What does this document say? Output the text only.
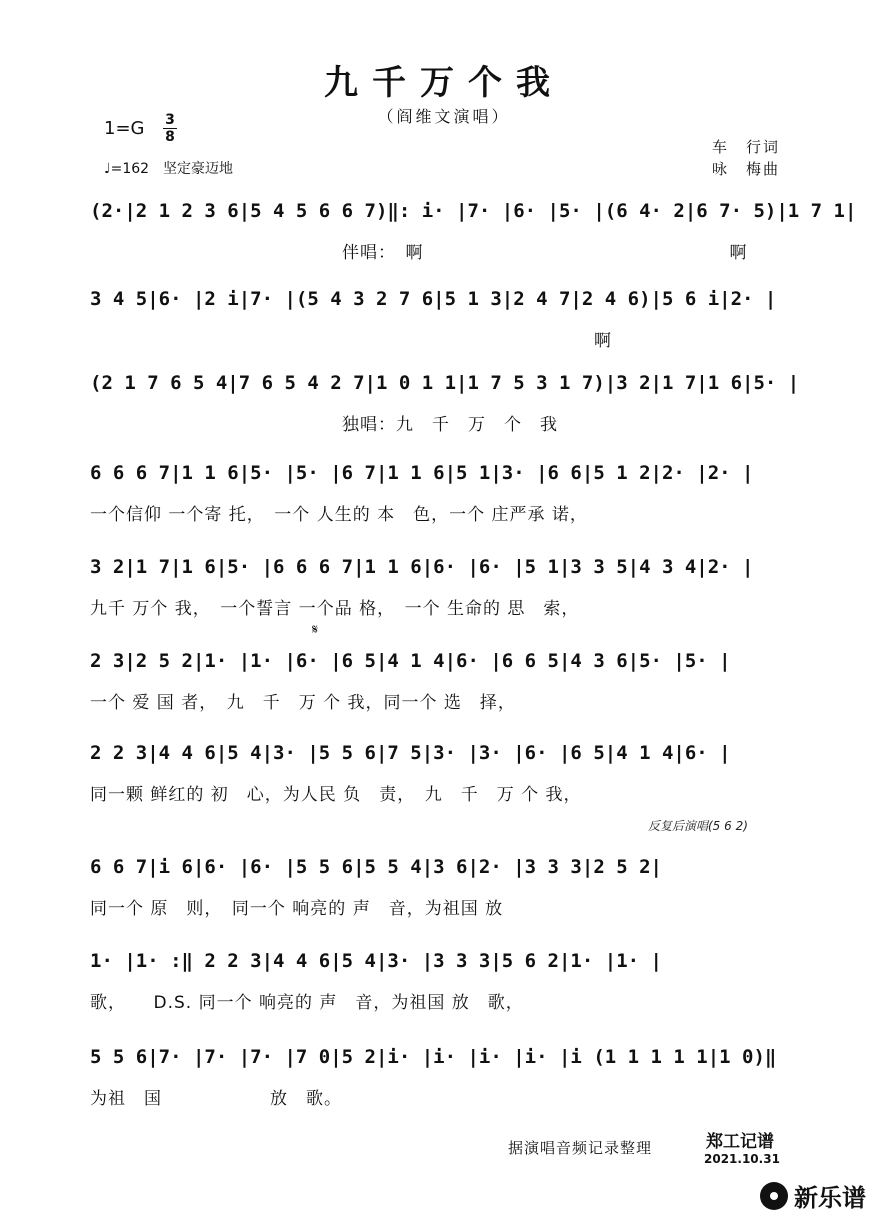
九千万个我
（阎维文演唱）
1=G 3
8
♩=162　坚定豪迈地
车　行词
咏　梅曲
(2·|2 1 2 3 6|5 4 5 6 6 7)‖: i· |7· |6· |5· |(6 4· 2|6 7· 5)|1 7 1|
　　　　　　　　　　　　　　伴唱：　啊　　　　　　　　　　　　　　　　　啊
3 4 5|6· |2 i|7· |(5 4 3 2 7 6|5 1 3|2 4 7|2 4 6)|5 6 i|2· |
　　　　　　　　　　　　　　　　　　　　　　　　　　　　啊
(2 1 7 6 5 4|7 6 5 4 2 7|1 0 1 1|1 7 5 3 1 7)|3 2|1 7|1 6|5· |
　　　　　　　　　　　　　　独唱：九　千　万　个　我
6 6 6 7|1 1 6|5· |5· |6 7|1 1 6|5 1|3· |6 6|5 1 2|2· |2· |
一个信仰 一个寄 托，　一个 人生的 本　色，一个 庄严承 诺，
3 2|1 7|1 6|5· |6 6 6 7|1 1 6|6· |6· |5 1|3 3 5|4 3 4|2· |
九千 万个 我，　一个誓言 一个品 格，　一个 生命的 思　索，
2 3|2 5 2|1· |1· |6· |6 5|4 1 4|6· |6 6 5|4 3 6|5· |5· |
一个 爱 国 者，　九　千　万 个 我，同一个 选　择，
2 2 3|4 4 6|5 4|3· |5 5 6|7 5|3· |3· |6· |6 5|4 1 4|6· |
同一颗 鲜红的 初　心，为人民 负　责，　九　千　万 个 我，
6 6 7|i 6|6· |6· |5 5 6|5 5 4|3 6|2· |3 3 3|2 5 2|
同一个 原　则，　同一个 响亮的 声　音，为祖国 放
1· |1· :‖ 2 2 3|4 4 6|5 4|3· |3 3 3|5 6 2|1· |1· |
歌，　　D.S. 同一个 响亮的 声　音，为祖国 放　歌，
5 5 6|7· |7· |7· |7 0|5 2|i· |i· |i· |i· |i (1 1 1 1 1|1 0)‖
为祖　国　　　　　　放　歌。
反复后演唱(5 6 2)
𝄋
据演唱音频记录整理	郑工记谱
2021.10.31
新乐谱
